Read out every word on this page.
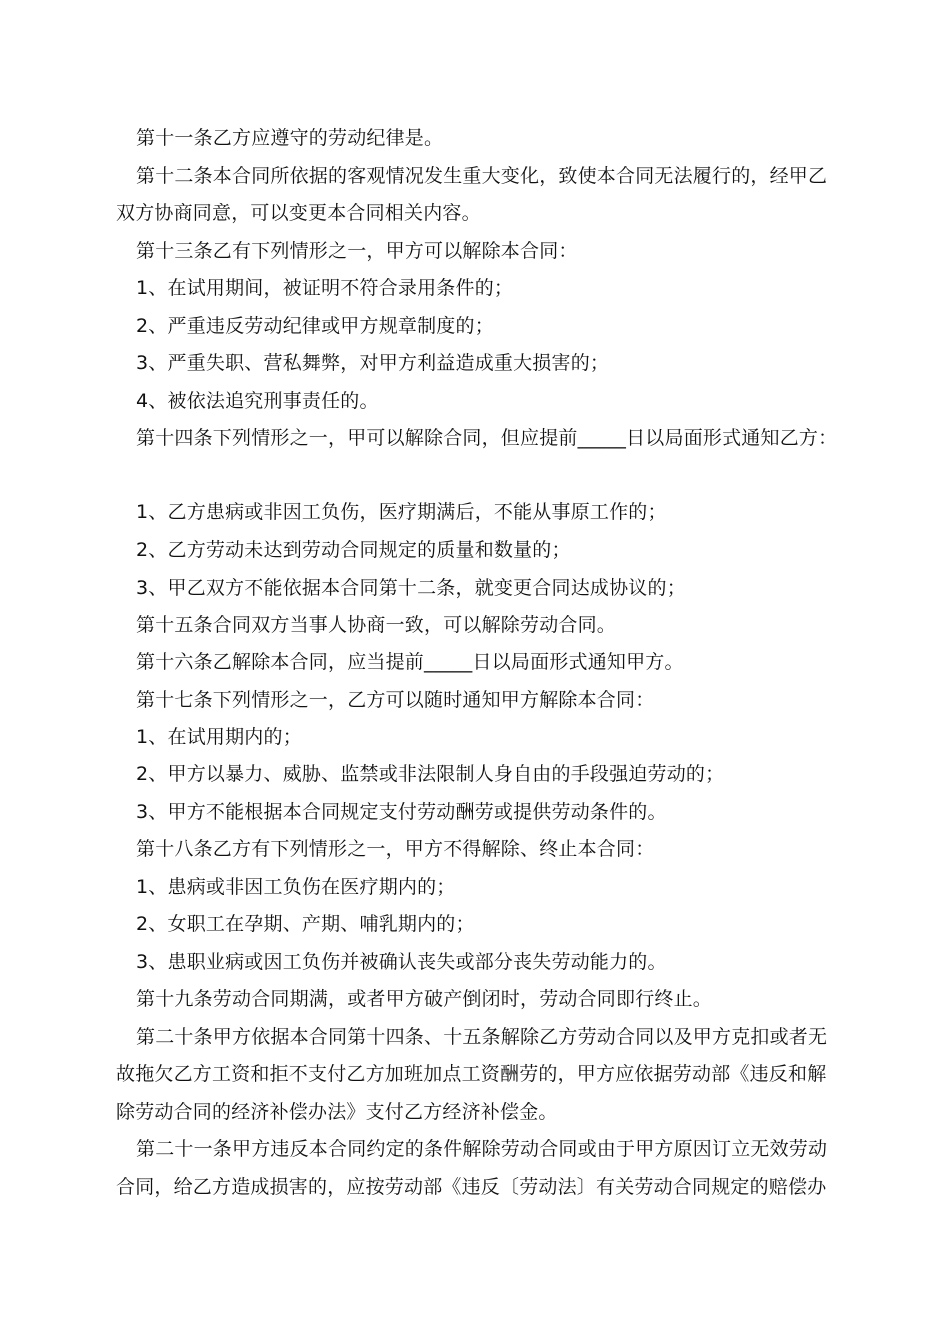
第十一条乙方应遵守的劳动纪律是。
第十二条本合同所依据的客观情况发生重大变化，致使本合同无法履行的，经甲乙
双方协商同意，可以变更本合同相关内容。
第十三条乙有下列情形之一，甲方可以解除本合同：
1、在试用期间，被证明不符合录用条件的；
2、严重违反劳动纪律或甲方规章制度的；
3、严重失职、营私舞弊，对甲方利益造成重大损害的；
4、被依法追究刑事责任的。
第十四条下列情形之一，甲可以解除合同，但应提前_____日以局面形式通知乙方：
1、乙方患病或非因工负伤，医疗期满后，不能从事原工作的；
2、乙方劳动未达到劳动合同规定的质量和数量的；
3、甲乙双方不能依据本合同第十二条，就变更合同达成协议的；
第十五条合同双方当事人协商一致，可以解除劳动合同。
第十六条乙解除本合同，应当提前_____日以局面形式通知甲方。
第十七条下列情形之一，乙方可以随时通知甲方解除本合同：
1、在试用期内的；
2、甲方以暴力、威胁、监禁或非法限制人身自由的手段强迫劳动的；
3、甲方不能根据本合同规定支付劳动酬劳或提供劳动条件的。
第十八条乙方有下列情形之一，甲方不得解除、终止本合同：
1、患病或非因工负伤在医疗期内的；
2、女职工在孕期、产期、哺乳期内的；
3、患职业病或因工负伤并被确认丧失或部分丧失劳动能力的。
第十九条劳动合同期满，或者甲方破产倒闭时，劳动合同即行终止。
第二十条甲方依据本合同第十四条、十五条解除乙方劳动合同以及甲方克扣或者无
故拖欠乙方工资和拒不支付乙方加班加点工资酬劳的，甲方应依据劳动部《违反和解
除劳动合同的经济补偿办法》支付乙方经济补偿金。
第二十一条甲方违反本合同约定的条件解除劳动合同或由于甲方原因订立无效劳动
合同，给乙方造成损害的，应按劳动部《违反〔劳动法〕有关劳动合同规定的赔偿办
